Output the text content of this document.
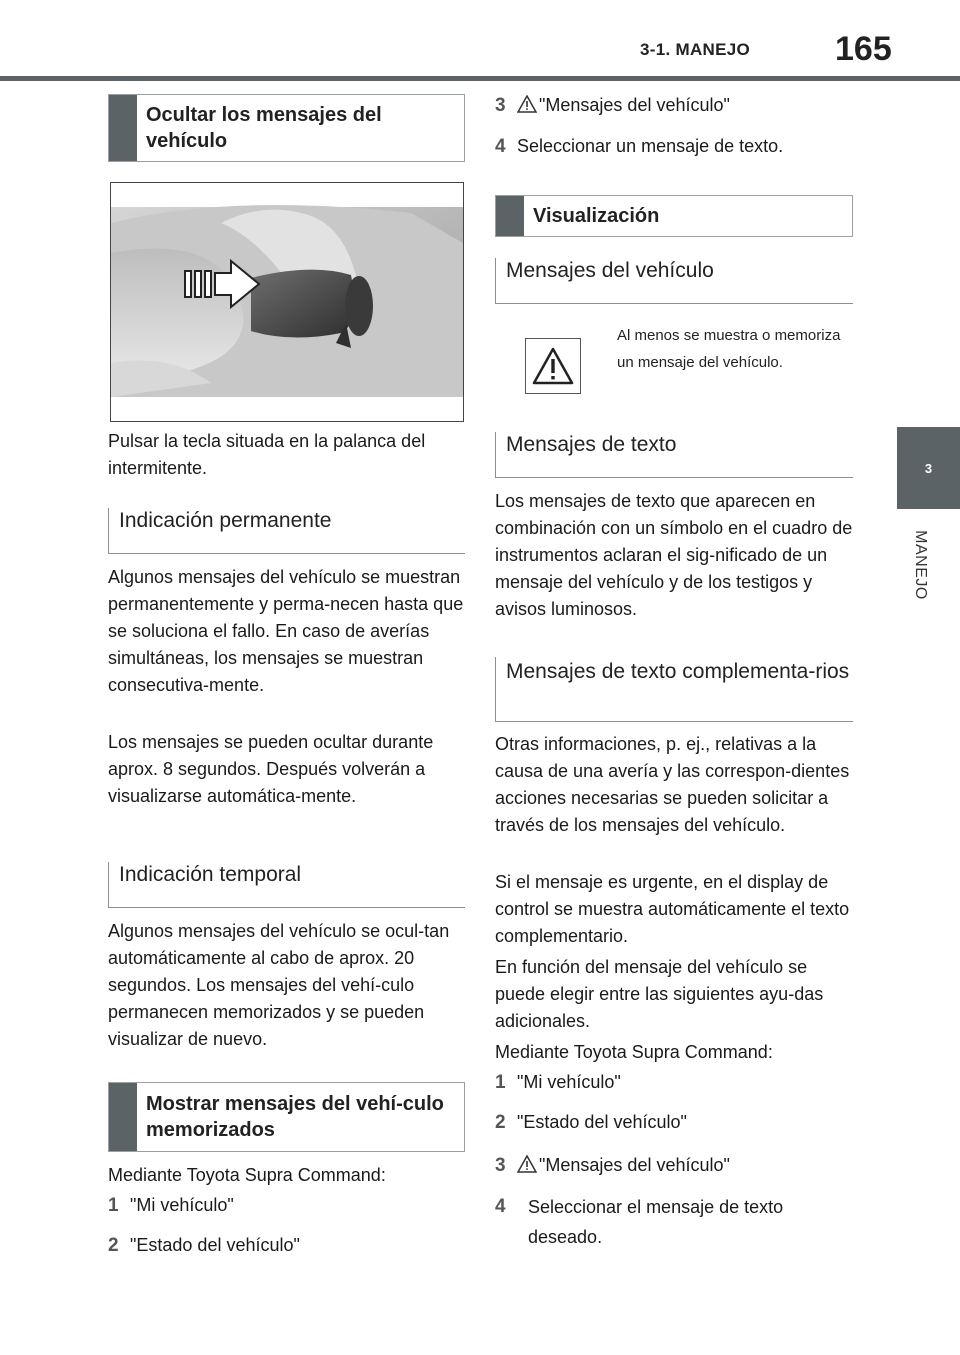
3-1. MANEJO 165
3
MANEJO
Ocultar los mensajes del vehículo
Pulsar la tecla situada en la palanca del intermitente.
Indicación permanente
Algunos mensajes del vehículo se muestran permanentemente y perma-necen hasta que se soluciona el fallo. En caso de averías simultáneas, los mensajes se muestran consecutiva-mente.
Los mensajes se pueden ocultar durante aprox. 8 segundos. Después volverán a visualizarse automática-mente.
Indicación temporal
Algunos mensajes del vehículo se ocul-tan automáticamente al cabo de aprox. 20 segundos. Los mensajes del vehí-culo permanecen memorizados y se pueden visualizar de nuevo.
Mostrar mensajes del vehí-culo memorizados
Mediante Toyota Supra Command:
1 "Mi vehículo"
2 "Estado del vehículo"
3 "Mensajes del vehículo"
4 Seleccionar un mensaje de texto.
Visualización
Mensajes del vehículo
Al menos se muestra o memoriza un mensaje del vehículo.
Mensajes de texto
Los mensajes de texto que aparecen en combinación con un símbolo en el cuadro de instrumentos aclaran el sig-nificado de un mensaje del vehículo y de los testigos y avisos luminosos.
Mensajes de texto complementa-rios
Otras informaciones, p. ej., relativas a la causa de una avería y las correspon-dientes acciones necesarias se pueden solicitar a través de los mensajes del vehículo.
Si el mensaje es urgente, en el display de control se muestra automáticamente el texto complementario.
En función del mensaje del vehículo se puede elegir entre las siguientes ayu-das adicionales.
Mediante Toyota Supra Command:
1 "Mi vehículo"
2 "Estado del vehículo"
3 "Mensajes del vehículo"
4	Seleccionar el mensaje de texto deseado.
